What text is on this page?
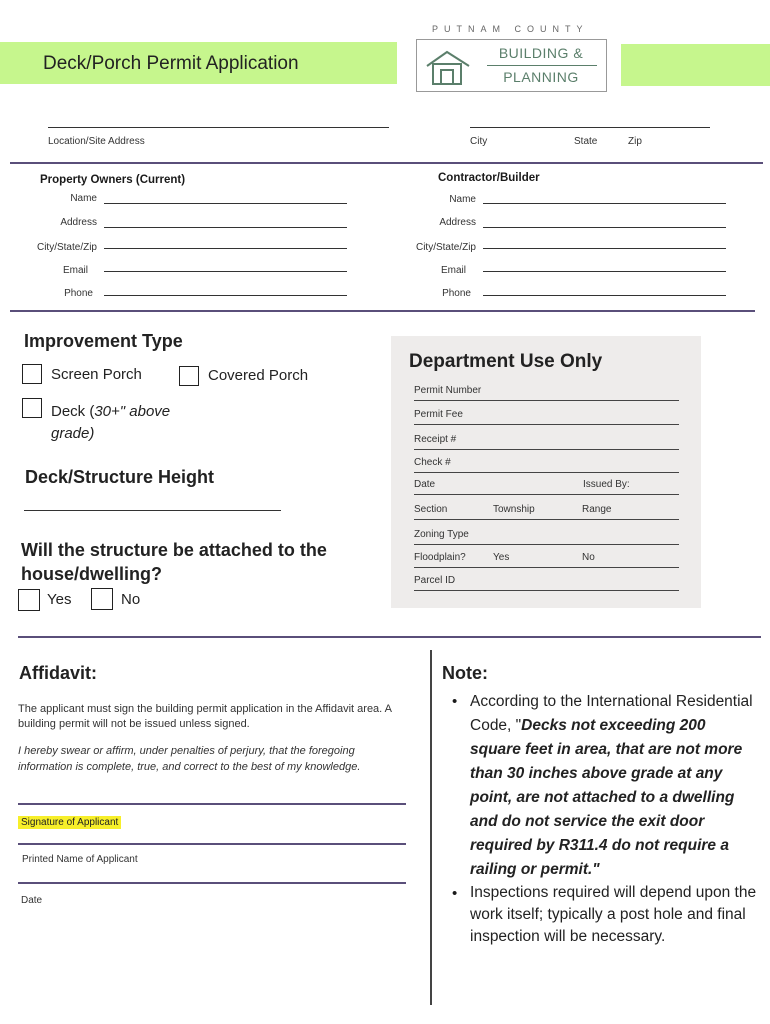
Deck/Porch Permit Application
PUTNAM COUNTY
BUILDING &
PLANNING
Location/Site Address	City	State	Zip
Property Owners (Current)
Name
Address
City/State/Zip
Email
Phone
Contractor/Builder
Name
Address
City/State/Zip
Email
Phone
Improvement Type
Screen Porch	Covered Porch
Deck (30+" above grade)
Deck/Structure Height
Will the structure be attached to the house/dwelling?
Yes	No
Department Use Only
Permit Number
Permit Fee
Receipt #
Check #
Date	Issued By:
Section	Township	Range
Zoning Type
Floodplain?	Yes	No
Parcel ID
Affidavit:
The applicant must sign the building permit application in the Affidavit area. A building permit will not be issued unless signed.
I hereby swear or affirm, under penalties of perjury, that the foregoing information is complete, true, and correct to the best of my knowledge.
Signature of Applicant
Printed Name of Applicant
Date
Note:
• According to the International Residential Code, "Decks not exceeding 200 square feet in area, that are not more than 30 inches above grade at any point, are not attached to a dwelling and do not service the exit door required by R311.4 do not require a railing or permit."
• Inspections required will depend upon the work itself; typically a post hole and final inspection will be necessary.
